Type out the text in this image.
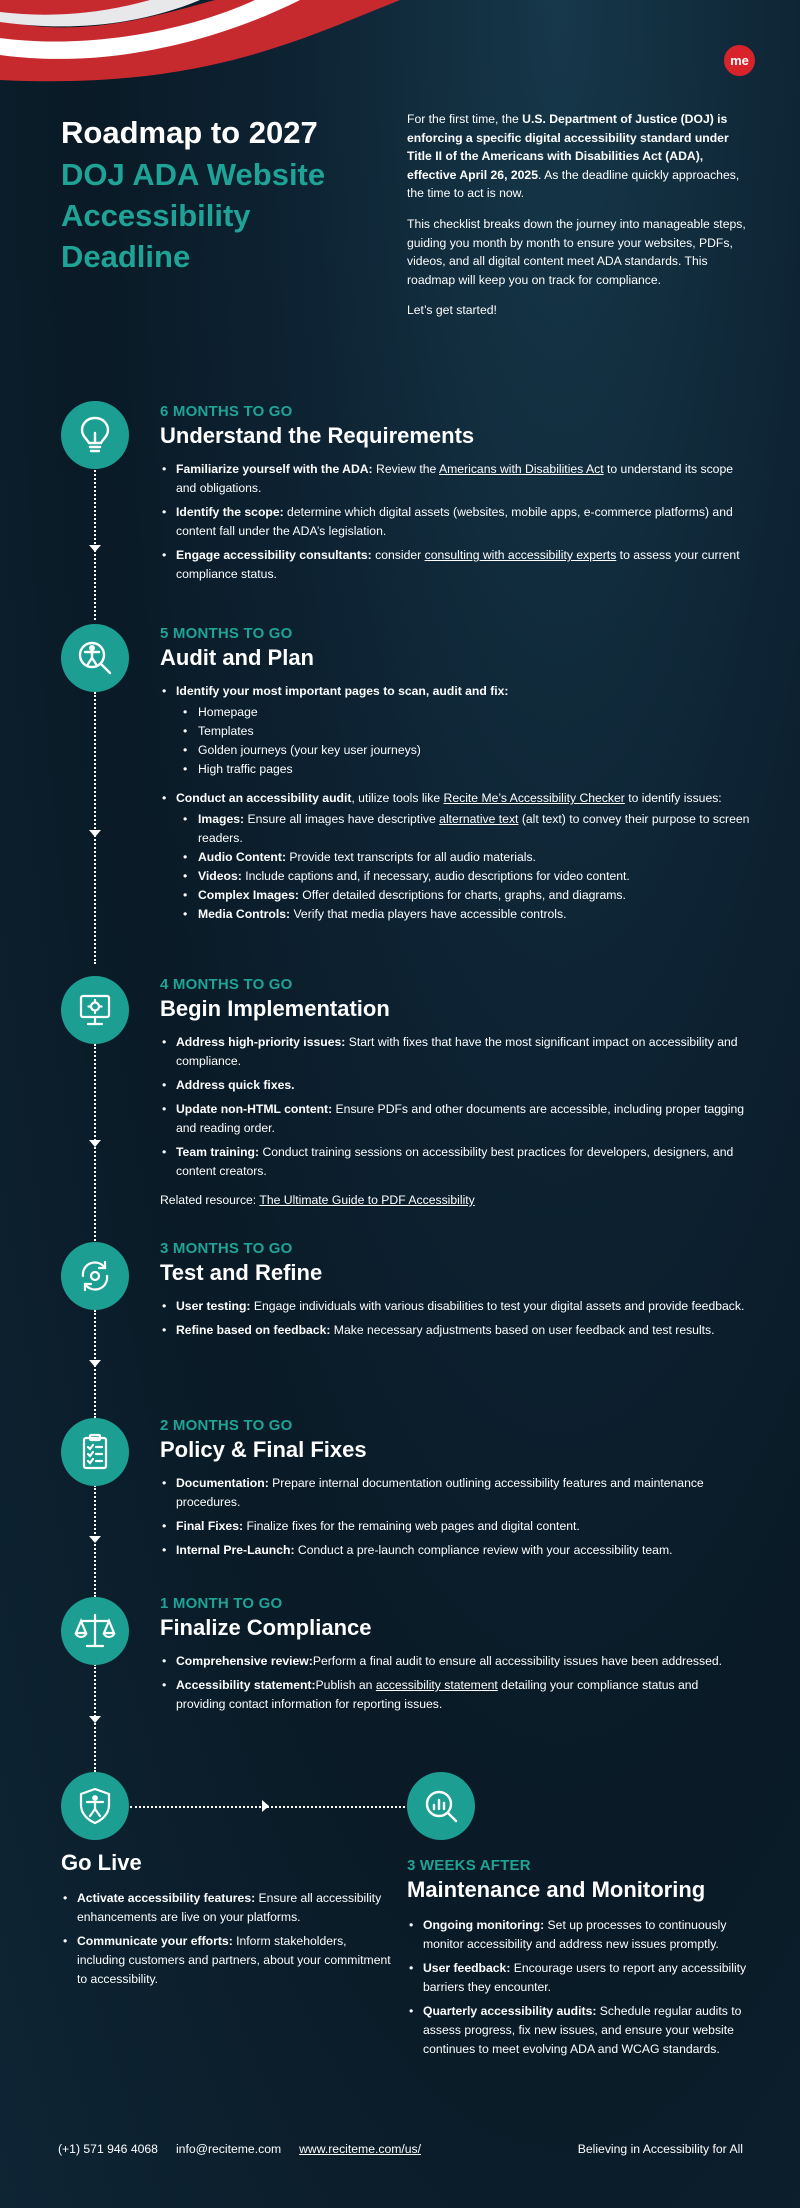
me
Roadmap to 2027
DOJ ADA Website
Accessibility
Deadline

For the first time, the U.S. Department of Justice (DOJ) is enforcing a specific digital accessibility standard under Title II of the Americans with Disabilities Act (ADA), effective April 26, 2025. As the deadline quickly approaches, the time to act is now.

This checklist breaks down the journey into manageable steps, guiding you month by month to ensure your websites, PDFs, videos, and all digital content meet ADA standards. This roadmap will keep you on track for compliance.

Let’s get started!

6 MONTHS TO GO
Understand the Requirements
• Familiarize yourself with the ADA: Review the Americans with Disabilities Act to understand its scope and obligations.
• Identify the scope: determine which digital assets (websites, mobile apps, e-commerce platforms) and content fall under the ADA’s legislation.
• Engage accessibility consultants: consider consulting with accessibility experts to assess your current compliance status.
5 MONTHS TO GO
Audit and Plan
• Identify your most important pages to scan, audit and fix:
• Homepage
• Templates
• Golden journeys (your key user journeys)
• High traffic pages
• Conduct an accessibility audit, utilize tools like Recite Me’s Accessibility Checker to identify issues:
• Images: Ensure all images have descriptive alternative text (alt text) to convey their purpose to screen readers.
• Audio Content: Provide text transcripts for all audio materials.
• Videos: Include captions and, if necessary, audio descriptions for video content.
• Complex Images: Offer detailed descriptions for charts, graphs, and diagrams.
• Media Controls: Verify that media players have accessible controls.
4 MONTHS TO GO
Begin Implementation
• Address high-priority issues: Start with fixes that have the most significant impact on accessibility and compliance.
• Address quick fixes.
• Update non-HTML content: Ensure PDFs and other documents are accessible, including proper tagging and reading order.
• Team training: Conduct training sessions on accessibility best practices for developers, designers, and content creators.
Related resource: The Ultimate Guide to PDF Accessibility
3 MONTHS TO GO
Test and Refine
• User testing: Engage individuals with various disabilities to test your digital assets and provide feedback.
• Refine based on feedback: Make necessary adjustments based on user feedback and test results.
2 MONTHS TO GO
Policy & Final Fixes
• Documentation: Prepare internal documentation outlining accessibility features and maintenance procedures.
• Final Fixes: Finalize fixes for the remaining web pages and digital content.
• Internal Pre-Launch: Conduct a pre-launch compliance review with your accessibility team.
1 MONTH TO GO
Finalize Compliance
• Comprehensive review:Perform a final audit to ensure all accessibility issues have been addressed.
• Accessibility statement:Publish an accessibility statement detailing your compliance status and providing contact information for reporting issues.
Go Live
• Activate accessibility features: Ensure all accessibility enhancements are live on your platforms.
• Communicate your efforts: Inform stakeholders, including customers and partners, about your commitment to accessibility.
3 WEEKS AFTER
Maintenance and Monitoring
• Ongoing monitoring: Set up processes to continuously monitor accessibility and address new issues promptly.
• User feedback: Encourage users to report any accessibility barriers they encounter.
• Quarterly accessibility audits: Schedule regular audits to assess progress, fix new issues, and ensure your website continues to meet evolving ADA and WCAG standards.
(+1) 571 946 4068 info@reciteme.com www.reciteme.com/us/	Believing in Accessibility for All
